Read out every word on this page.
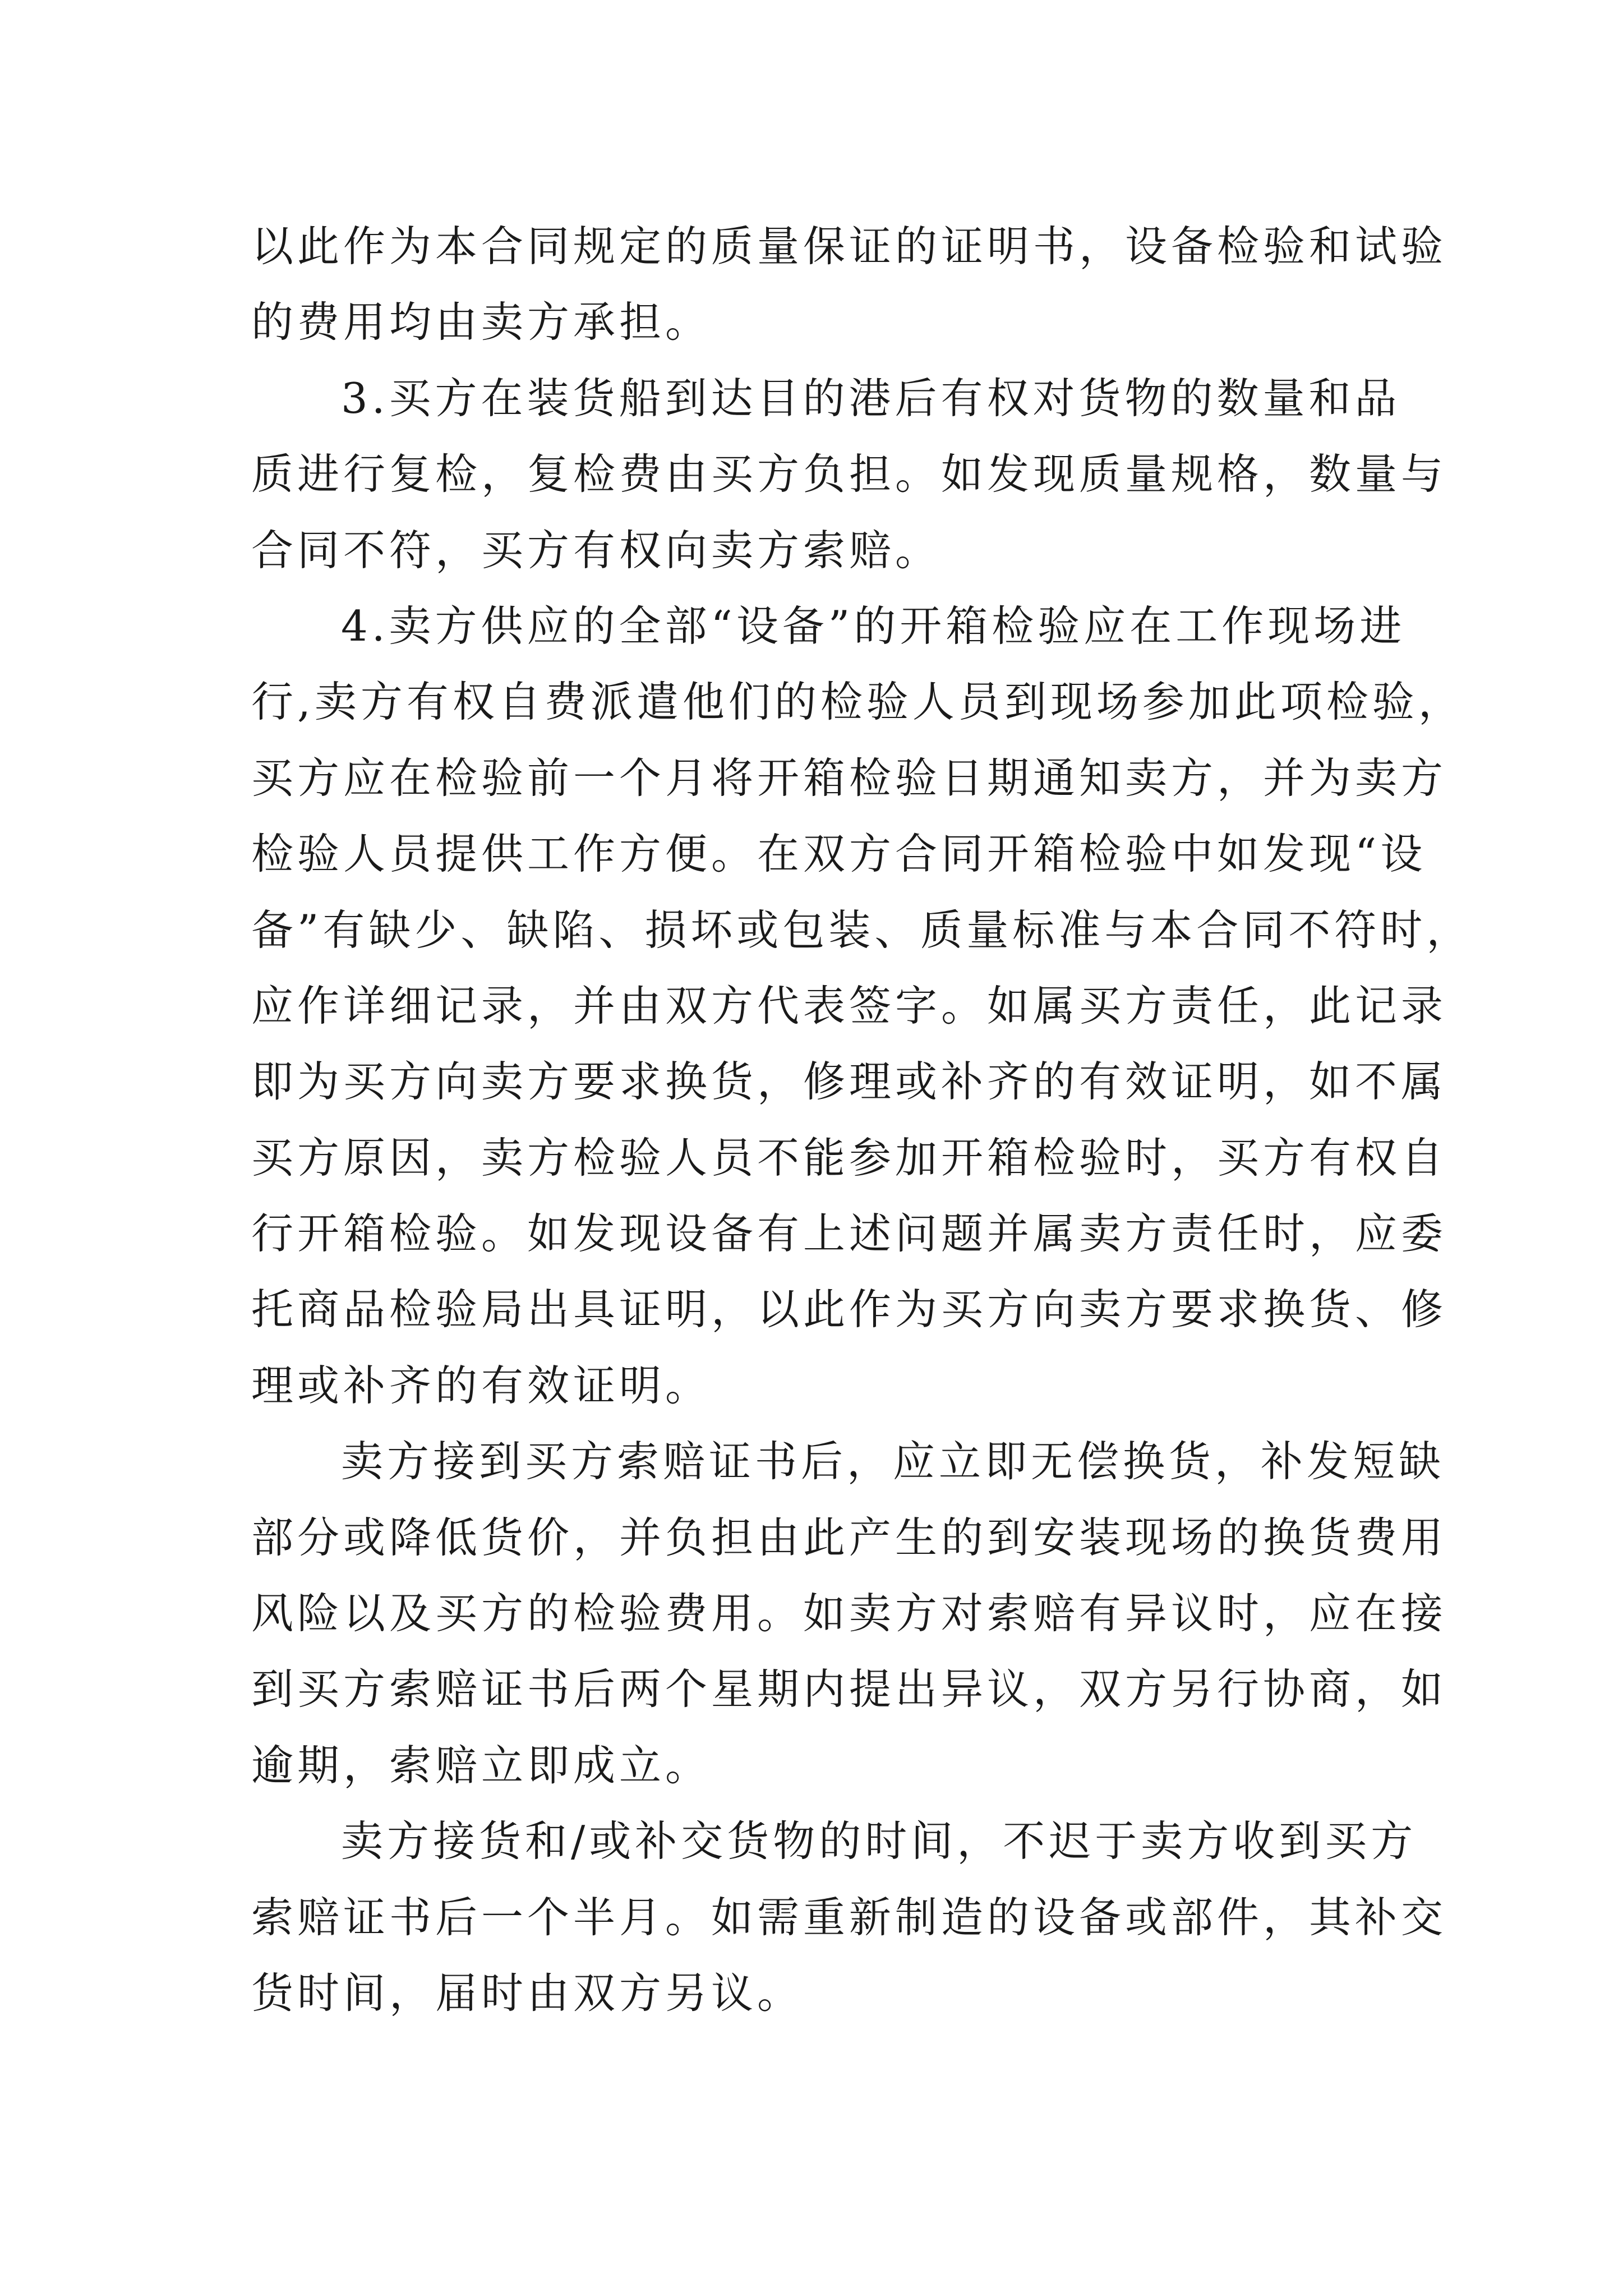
以此作为本合同规定的质量保证的证明书，设备检验和试验
的费用均由卖方承担。
3.买方在装货船到达目的港后有权对货物的数量和品
质进行复检，复检费由买方负担。如发现质量规格，数量与
合同不符，买方有权向卖方索赔。
4.卖方供应的全部“设备”的开箱检验应在工作现场进
行,卖方有权自费派遣他们的检验人员到现场参加此项检验，
买方应在检验前一个月将开箱检验日期通知卖方，并为卖方
检验人员提供工作方便。在双方合同开箱检验中如发现“设
备”有缺少、缺陷、损坏或包装、质量标准与本合同不符时，
应作详细记录，并由双方代表签字。如属买方责任，此记录
即为买方向卖方要求换货，修理或补齐的有效证明，如不属
买方原因，卖方检验人员不能参加开箱检验时，买方有权自
行开箱检验。如发现设备有上述问题并属卖方责任时，应委
托商品检验局出具证明，以此作为买方向卖方要求换货、修
理或补齐的有效证明。
卖方接到买方索赔证书后，应立即无偿换货，补发短缺
部分或降低货价，并负担由此产生的到安装现场的换货费用
风险以及买方的检验费用。如卖方对索赔有异议时，应在接
到买方索赔证书后两个星期内提出异议，双方另行协商，如
逾期，索赔立即成立。
卖方接货和/或补交货物的时间，不迟于卖方收到买方
索赔证书后一个半月。如需重新制造的设备或部件，其补交
货时间，届时由双方另议。
